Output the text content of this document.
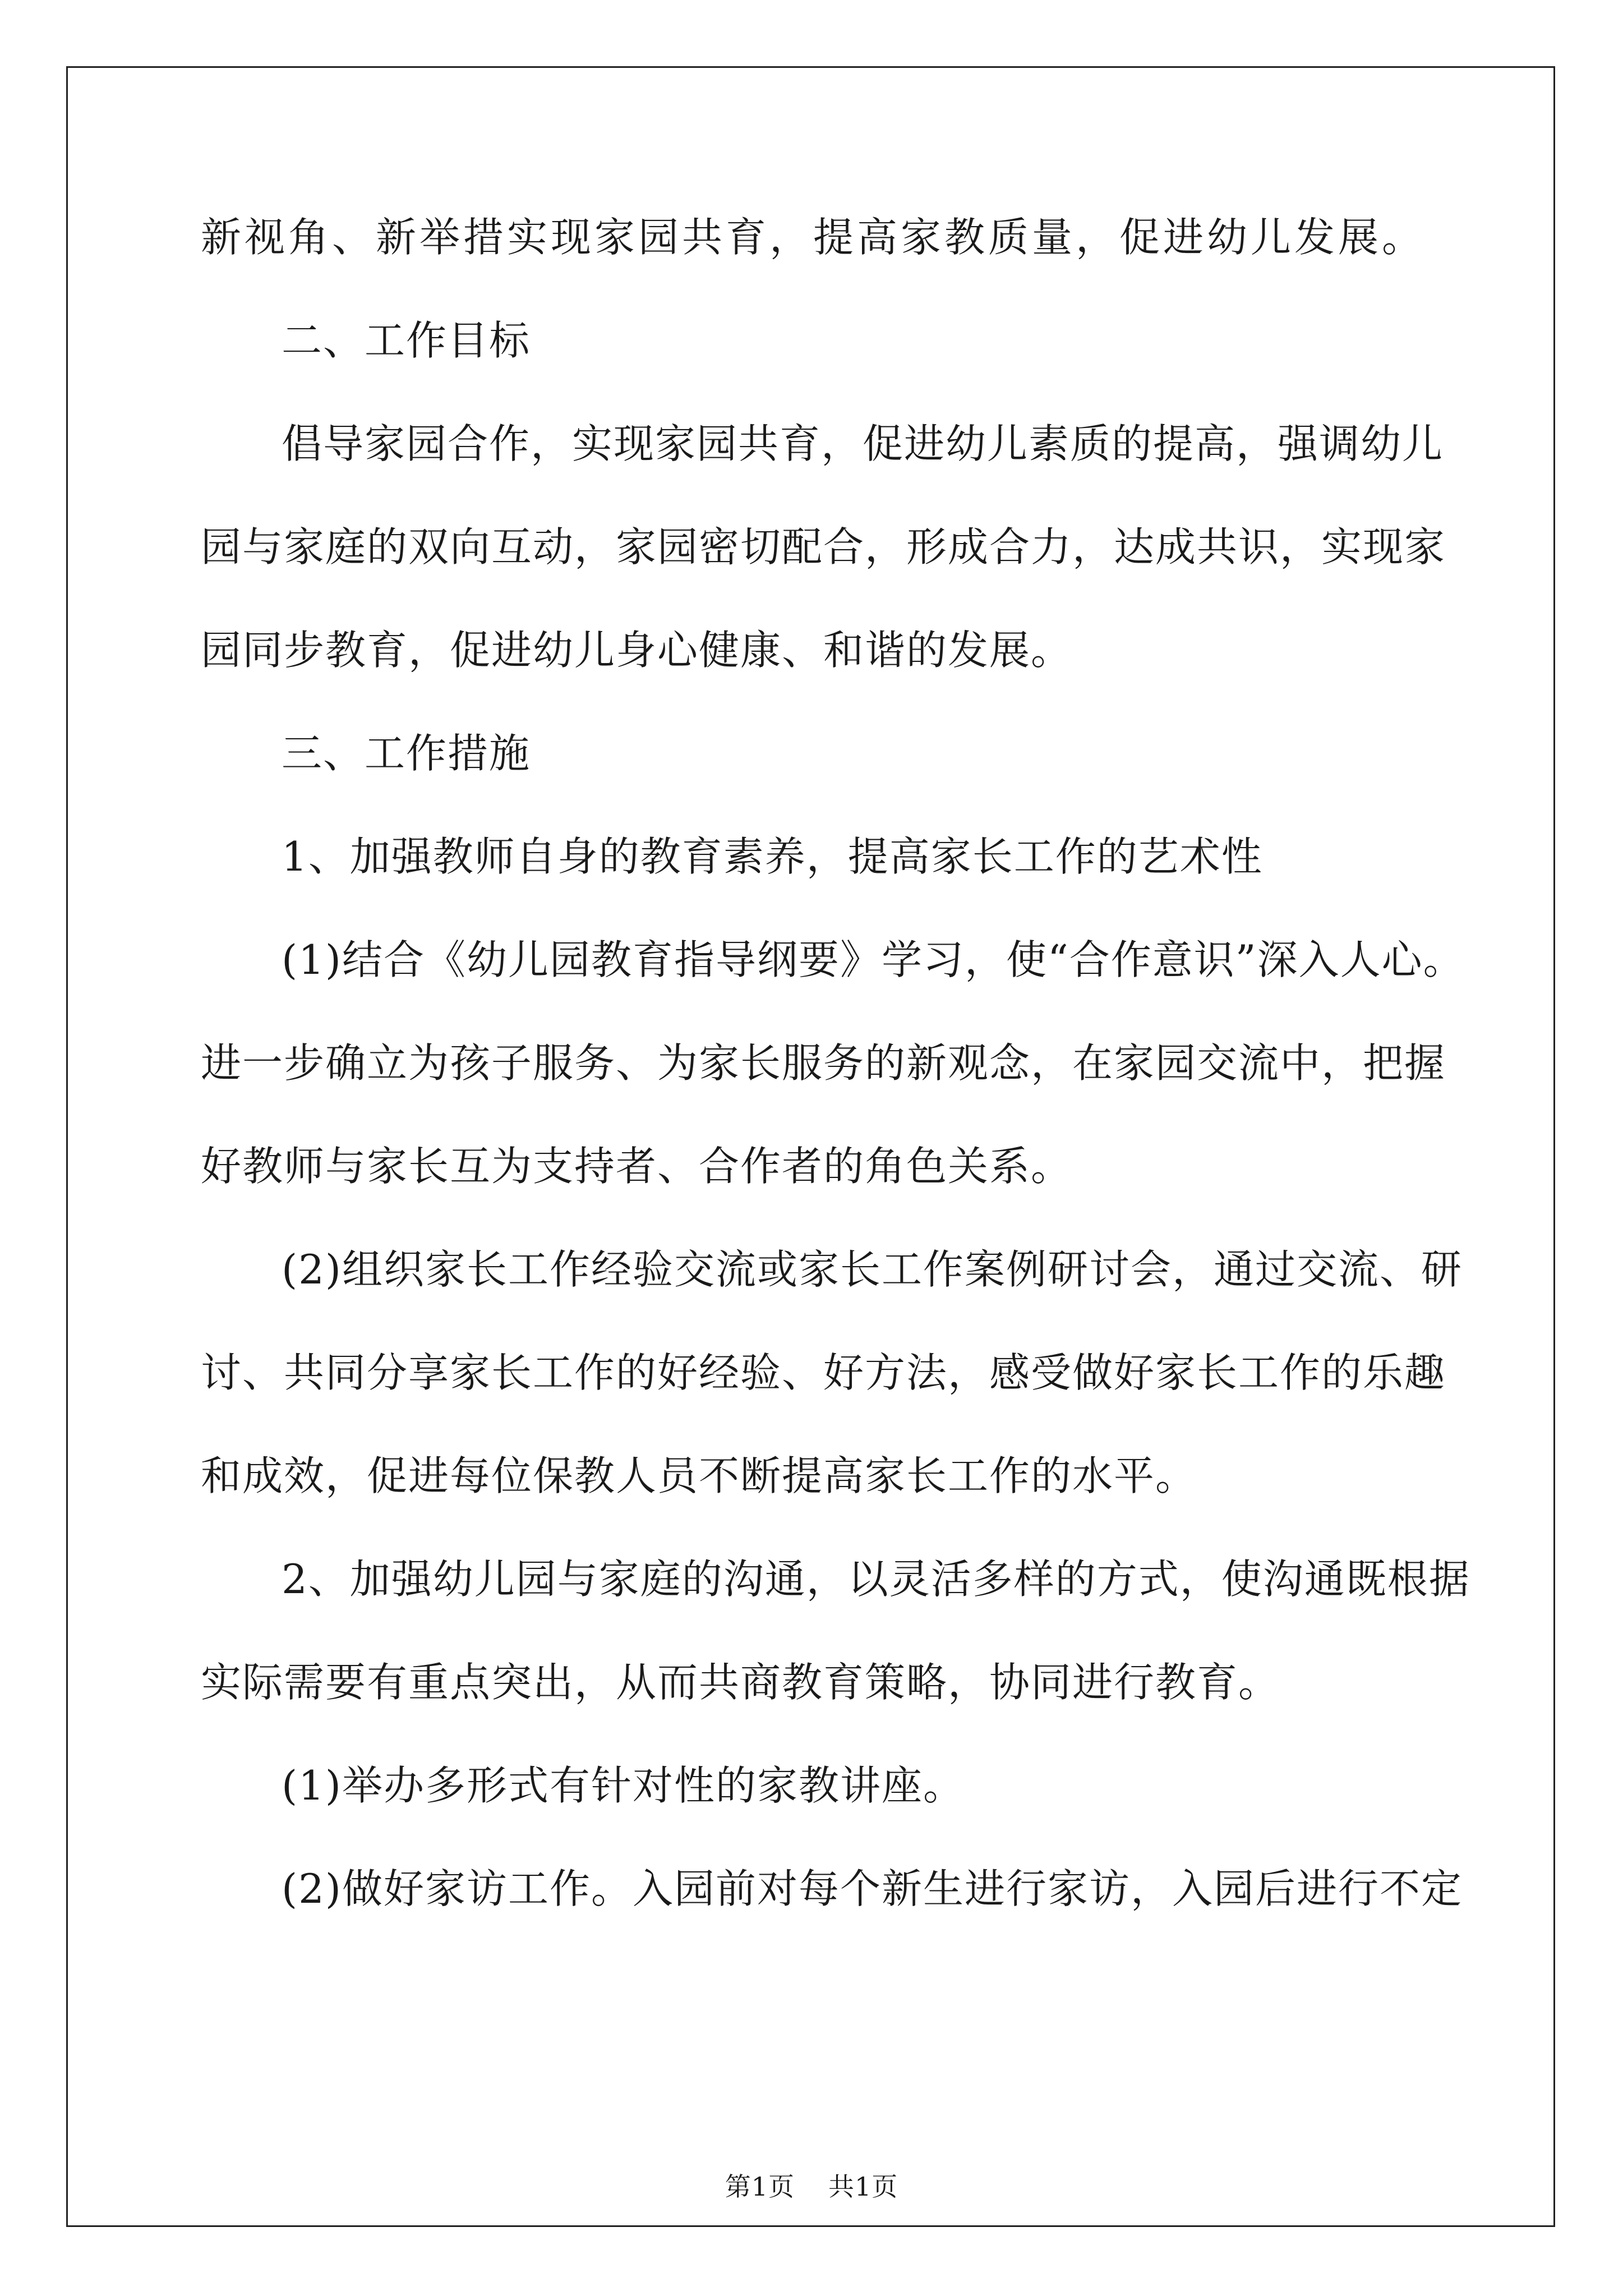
新视角、新举措实现家园共育，提高家教质量，促进幼儿发展。

二、工作目标

倡导家园合作，实现家园共育，促进幼儿素质的提高，强调幼儿

园与家庭的双向互动，家园密切配合，形成合力，达成共识，实现家

园同步教育，促进幼儿身心健康、和谐的发展。

三、工作措施

1、加强教师自身的教育素养，提高家长工作的艺术性

(1)结合《幼儿园教育指导纲要》学习，使“合作意识”深入人心。

进一步确立为孩子服务、为家长服务的新观念，在家园交流中，把握

好教师与家长互为支持者、合作者的角色关系。

(2)组织家长工作经验交流或家长工作案例研讨会，通过交流、研

讨、共同分享家长工作的好经验、好方法，感受做好家长工作的乐趣

和成效，促进每位保教人员不断提高家长工作的水平。

2、加强幼儿园与家庭的沟通，以灵活多样的方式，使沟通既根据

实际需要有重点突出，从而共商教育策略，协同进行教育。

(1)举办多形式有针对性的家教讲座。

(2)做好家访工作。入园前对每个新生进行家访，入园后进行不定

第1页 共1页
